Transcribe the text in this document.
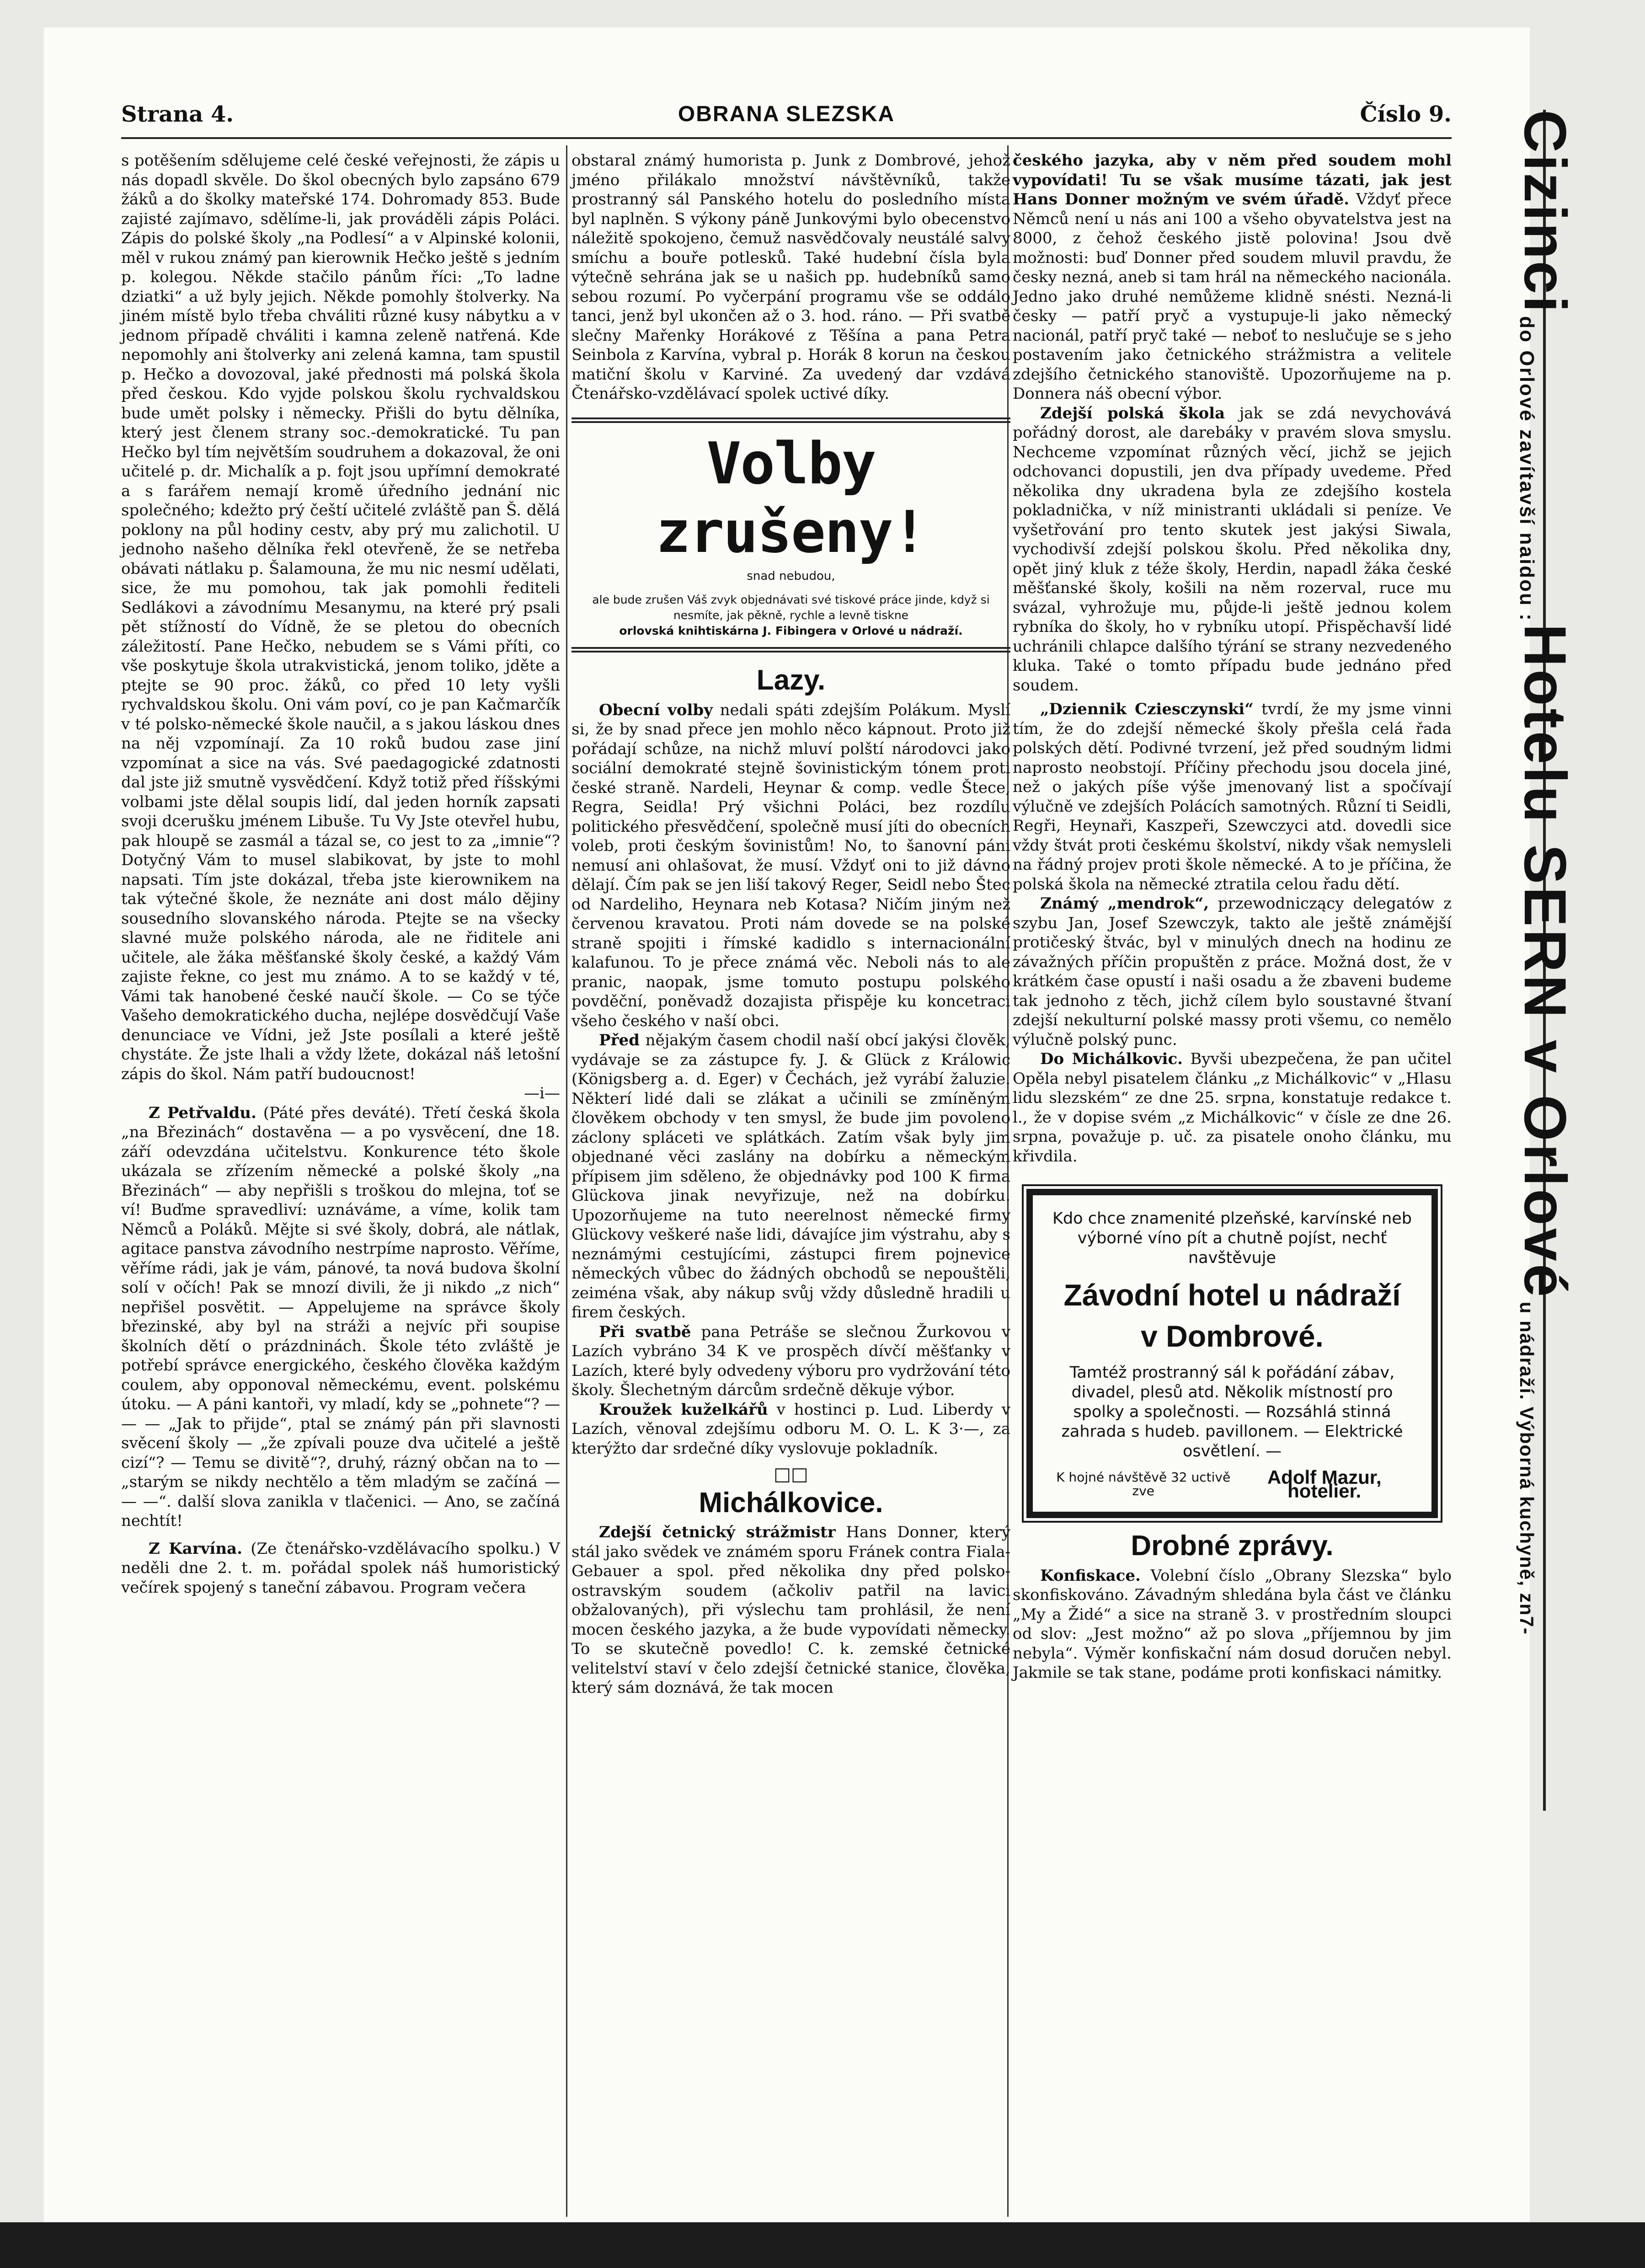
Strana 4.	OBRANA SLEZSKA	Číslo 9.

s potěšením sdělujeme celé české veřejnosti, že zápis u nás dopadl skvěle. Do škol obecných bylo zapsáno 679 žáků a do školky mateřské 174. Dohromady 853. Bude zajisté zajímavo, sdělíme-li, jak prováděli zápis Poláci. Zápis do polské školy „na Podlesí“ a v Alpinské kolonii, měl v rukou známý pan kierownik Hečko ještě s jedním p. kolegou. Někde stačilo pánům říci: „To ladne dziatki“ a už byly jejich. Někde pomohly štolverky. Na jiném místě bylo třeba chváliti různé kusy nábytku a v jednom případě chváliti i kamna zeleně natřená. Kde nepomohly ani štolverky ani zelená kamna, tam spustil p. Hečko a dovozoval, jaké přednosti má polská škola před českou. Kdo vyjde polskou školu rychvaldskou bude umět polsky i německy. Přišli do bytu dělníka, který jest členem strany soc.-demokratické. Tu pan Hečko byl tím největším soudruhem a dokazoval, že oni učitelé p. dr. Michalík a p. fojt jsou upřímní demokraté a s farářem nemají kromě úředního jednání nic společného; kdežto prý čeští učitelé zvláště pan Š. dělá poklony na půl hodiny cestv, aby prý mu zalichotil. U jednoho našeho dělníka řekl otevřeně, že se netřeba obávati nátlaku p. Šalamouna, že mu nic nesmí udělati, sice, že mu pomohou, tak jak pomohli řediteli Sedlákovi a závodnímu Mesanymu, na které prý psali pět stížností do Vídně, že se pletou do obecních záležitostí. Pane Hečko, nebudem se s Vámi příti, co vše poskytuje škola utrakvistická, jenom toliko, jděte a ptejte se 90 proc. žáků, co před 10 lety vyšli rychvaldskou školu. Oni vám poví, co je pan Kačmarčík v té polsko-německé škole naučil, a s jakou láskou dnes na něj vzpomínají. Za 10 roků budou zase jiní vzpomínat a sice na vás. Své paedagogické zdatnosti dal jste již smutně vysvědčení. Když totiž před říšskými volbami jste dělal soupis lidí, dal jeden horník zapsati svoji dcerušku jménem Libuše. Tu Vy Jste otevřel hubu, pak hloupě se zasmál a tázal se, co jest to za „imnie“? Dotyčný Vám to musel slabikovat, by jste to mohl napsati. Tím jste dokázal, třeba jste kierownikem na tak výtečné škole, že neznáte ani dost málo dějiny sousedního slovanského národa. Ptejte se na všecky slavné muže polského národa, ale ne řiditele ani učitele, ale žáka měšťanské školy české, a každý Vám zajiste řekne, co jest mu známo. A to se každý v té, Vámi tak hanobené české naučí škole. — Co se týče Vašeho demokratického ducha, nejlépe dosvědčují Vaše denunciace ve Vídni, jež Jste posílali a které ještě chystáte. Že jste lhali a vždy lžete, dokázal náš letošní zápis do škol. Nám patří budoucnost!

—i—

Z Petřvaldu. (Páté přes deváté). Třetí česká škola „na Březinách“ dostavěna — a po vysvěcení, dne 18. září odevzdána učitelstvu. Konkurence této škole ukázala se zřízením německé a polské školy „na Březinách“ — aby nepřišli s troškou do mlejna, toť se ví! Buďme spravedliví: uznáváme, a víme, kolik tam Němců a Poláků. Mějte si své školy, dobrá, ale nátlak, agitace panstva závodního nestrpíme naprosto. Věříme, věříme rádi, jak je vám, pánové, ta nová budova školní solí v očích! Pak se mnozí divili, že ji nikdo „z nich“ nepřišel posvětit. — Appelujeme na správce školy březinské, aby byl na stráži a nejvíc při soupise školních dětí o prázdninách. Škole této zvláště je potřebí správce energického, českého člověka každým coulem, aby opponoval německému, event. polskému útoku. — A páni kantoři, vy mladí, kdy se „pohnete“? — — — „Jak to přijde“, ptal se známý pán při slavnosti svěcení školy — „že zpívali pouze dva učitelé a ještě cizí“? — Temu se divitě“?, druhý, rázný občan na to — „starým se nikdy nechtělo a těm mladým se začíná — — —“. další slova zanikla v tlačenici. — Ano, se začíná nechtít!

Z Karvína. (Ze čtenářsko-vzdělávacího spolku.) V neděli dne 2. t. m. pořádal spolek náš humoristický večírek spojený s taneční zábavou. Program večera

obstaral známý humorista p. Junk z Dombrové, jehož jméno přilákalo množství návštěvníků, takže prostranný sál Panského hotelu do posledního místa byl naplněn. S výkony páně Junkovými bylo obecenstvo náležitě spokojeno, čemuž nasvědčovaly neustálé salvy smíchu a bouře potlesků. Také hudební čísla byla výtečně sehrána jak se u našich pp. hudebníků samo sebou rozumí. Po vyčerpání programu vše se oddálo tanci, jenž byl ukončen až o 3. hod. ráno. — Při svatbě slečny Mařenky Horákové z Těšína a pana Petra Seinbola z Karvína, vybral p. Horák 8 korun na českou matiční školu v Karviné. Za uvedený dar vzdává Čtenářsko-vzdělávací spolek uctivé díky.

Volby zrušeny!
snad nebudou,
ale bude zrušen Váš zvyk objednávati své tiskové práce jinde, když si nesmíte, jak pěkně, rychle a levně tiskne
orlovská knihtiskárna J. Fibingera v Orlové u nádraží.
Lazy.

Obecní volby nedali spáti zdejším Polákum. Myslí si, že by snad přece jen mohlo něco kápnout. Proto již pořádají schůze, na nichž mluví polští národovci jako sociální demokraté stejně šovinistickým tónem proti české straně. Nardeli, Heynar & comp. vedle Štece, Regra, Seidla! Prý všichni Poláci, bez rozdílu politického přesvědčení, společně musí jíti do obecních voleb, proti českým šovinistům! No, to šanovní páni nemusí ani ohlašovat, že musí. Vždyť oni to již dávno dělají. Čím pak se jen liší takový Reger, Seidl nebo Štec od Nardeliho, Heynara neb Kotasa? Ničím jiným než červenou kravatou. Proti nám dovede se na polské straně spojiti i římské kadidlo s internacionální kalafunou. To je přece známá věc. Neboli nás to ale pranic, naopak, jsme tomuto postupu polského povděční, poněvadž dozajista přispěje ku koncetraci všeho českého v naší obci.

Před nějakým časem chodil naší obcí jakýsi člověk, vydávaje se za zástupce fy. J. & Glück z Králowic (Königsberg a. d. Eger) v Čechách, jež vyrábí žaluzie. Některí lidé dali se zlákat a učinili se zmíněným člověkem obchody v ten smysl, že bude jim povoleno záclony spláceti ve splátkách. Zatím však byly jim objednané věci zaslány na dobírku a německým přípisem jim sděleno, že objednávky pod 100 K firma Glückova jinak nevyřizuje, než na dobírku. Upozorňujeme na tuto neerelnost německé firmy Glückovy veškeré naše lidi, dávajíce jim výstrahu, aby s neznámými cestujícími, zástupci firem pojnevice německých vůbec do žádných obchodů se nepouštěli, zeiména však, aby nákup svůj vždy důsledně hradili u firem českých.

Při svatbě pana Petráše se slečnou Žurkovou v Lazích vybráno 34 K ve prospěch dívčí měšťanky v Lazích, které byly odvedeny výboru pro vydržování této školy. Šlechetným dárcům srdečně děkuje výbor.

Kroužek kuželkářů v hostinci p. Lud. Liberdy v Lazích, věnoval zdejšímu odboru M. O. L. K 3·—, za kterýžto dar srdečné díky vyslovuje pokladník.

□□
Michálkovice.

Zdejší četnický strážmistr Hans Donner, který stál jako svědek ve známém sporu Fránek contra Fiala-Gebauer a spol. před několika dny před polsko-ostravským soudem (ačkoliv patřil na lavici obžalovaných), při výslechu tam prohlásil, že není mocen českého jazyka, a že bude vypovídati německy. To se skutečně povedlo! C. k. zemské četnické velitelství staví v čelo zdejší četnické stanice, člověka, který sám doznává, že tak mocen

českého jazyka, aby v něm před soudem mohl vypovídati! Tu se však musíme tázati, jak jest Hans Donner možným ve svém úřadě. Vždyť přece Němců není u nás ani 100 a všeho obyvatelstva jest na 8000, z čehož českého jistě polovina! Jsou dvě možnosti: buď Donner před soudem mluvil pravdu, že česky nezná, aneb si tam hrál na německého nacionála. Jedno jako druhé nemůžeme klidně snésti. Nezná-li česky — patří pryč a vystupuje-li jako německý nacionál, patří pryč také — neboť to neslučuje se s jeho postavením jako četnického strážmistra a velitele zdejšího četnického stanoviště. Upozorňujeme na p. Donnera náš obecní výbor.

Zdejší polská škola jak se zdá nevychovává pořádný dorost, ale darebáky v pravém slova smyslu. Nechceme vzpomínat různých věcí, jichž se jejich odchovanci dopustili, jen dva případy uvedeme. Před několika dny ukradena byla ze zdejšího kostela pokladnička, v níž ministranti ukládali si peníze. Ve vyšetřování pro tento skutek jest jakýsi Siwala, vychodivší zdejší polskou školu. Před několika dny, opět jiný kluk z téže školy, Herdin, napadl žáka české měšťanské školy, košili na něm rozerval, ruce mu svázal, vyhrožuje mu, půjde-li ještě jednou kolem rybníka do školy, ho v rybníku utopí. Přispěchavší lidé uchránili chlapce dalšího týrání se strany nezvedeného kluka. Také o tomto případu bude jednáno před soudem.

„Dziennik Cziesczynski“ tvrdí, že my jsme vinni tím, že do zdejší německé školy přešla celá řada polských dětí. Podivné tvrzení, jež před soudným lidmi naprosto neobstojí. Příčiny přechodu jsou docela jiné, než o jakých píše výše jmenovaný list a spočívají výlučně ve zdejších Polácích samotných. Různí ti Seidli, Regři, Heynaři, Kaszpeři, Szewczyci atd. dovedli sice vždy štvát proti českému školství, nikdy však nemysleli na řádný projev proti škole německé. A to je příčina, že polská škola na německé ztratila celou řadu dětí.

Známý „mendrok“, przewodniczący delegatów z szybu Jan, Josef Szewczyk, takto ale ještě známější protičeský štvác, byl v minulých dnech na hodinu ze závažných příčin propuštěn z práce. Možná dost, že v krátkém čase opustí i naši osadu a že zbaveni budeme tak jednoho z těch, jichž cílem bylo soustavné štvaní zdejší nekulturní polské massy proti všemu, co nemělo výlučně polský punc.

Do Michálkovic. Byvši ubezpečena, že pan učitel Opěla nebyl pisatelem článku „z Michálkovic“ v „Hlasu lidu slezském“ ze dne 25. srpna, konstatuje redakce t. l., že v dopise svém „z Michálkovic“ v čísle ze dne 26. srpna, považuje p. uč. za pisatele onoho článku, mu křivdila.

Kdo chce znamenité plzeňské, karvínské neb výborné víno pít a chutně pojíst, nechť navštěvuje
Závodní hotel u nádraží v Dombrové.
Tamtéž prostranný sál k pořádání zábav, divadel, plesů atd. Několik místností pro spolky a společnosti. — Rozsáhlá stinná zahrada s hudeb. pavillonem. — Elektrické osvětlení. —
K hojné návštěvě 32 uctivě zve
Adolf Mazur, hotelier.
Drobné zprávy.

Konfiskace. Volební číslo „Obrany Slezska“ bylo skonfiskováno. Závadným shledána byla část ve článku „My a Židé“ a sice na straně 3. v prostředním sloupci od slov: „Jest možno“ až po slova „příjemnou by jim nebyla“. Výměr konfiskační nám dosud doručen nebyl. Jakmile se tak stane, podáme proti konfiskaci námitky.

Cizinci do Orlové zavítavší naidou : Hotelu SERN v Orlové u nádraží. Výborná kuchyně, zn7-
